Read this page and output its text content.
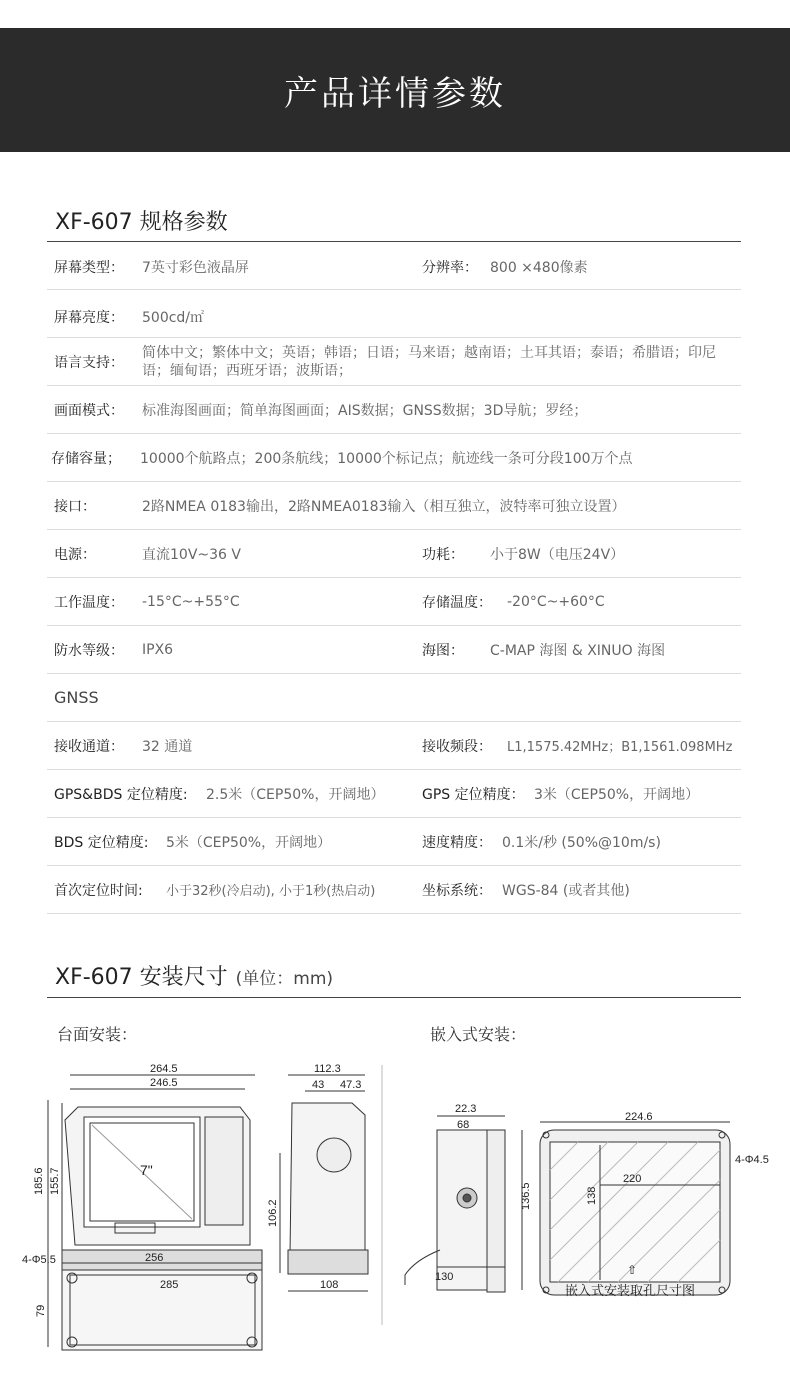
产品详情参数
XF-607 规格参数
屏幕类型： 7英寸彩色液晶屏	分辨率： 800 ×480像素
屏幕亮度： 500cd/㎡
语言支持：
简体中文；繁体中文；英语；韩语；日语；马来语；越南语；土耳其语；泰语；希腊语；印尼语；缅甸语；西班牙语；波斯语；
画面模式： 标准海图画面；简单海图画面；AIS数据；GNSS数据；3D导航；罗经；
存储容量； 10000个航路点；200条航线；10000个标记点；航迹线一条可分段100万个点
接口：	2路NMEA 0183输出，2路NMEA0183输入（相互独立，波特率可独立设置）
电源：	直流10V~36 V	功耗： 小于8W（电压24V）
工作温度： -15°C~+55°C	存储温度： -20°C~+60°C
防水等级： IPX6	海图： C-MAP 海图 & XINUO 海图
GNSS
接收通道： 32 通道	接收频段： L1,1575.42MHz；B1,1561.098MHz
GPS&BDS 定位精度: 2.5米（CEP50%，开阔地）	GPS 定位精度： 3米（CEP50%，开阔地）
BDS 定位精度: 5米（CEP50%，开阔地）	速度精度： 0.1米/秒 (50%@10m/s)
首次定位时间: 小于32秒(冷启动), 小于1秒(热启动)	坐标系统： WGS-84 (或者其他)
XF-607 安装尺寸 (单位：mm)
台面安装：	嵌入式安装：
264.5
246.5
185.6 155.7
285
7"
112.3
43 47.3
106.2
108
4-Φ5.5	256
79
22.3
68
136.5
130
224.6
220
138
4-Φ4.5
⇧
嵌入式安装取孔尺寸图
